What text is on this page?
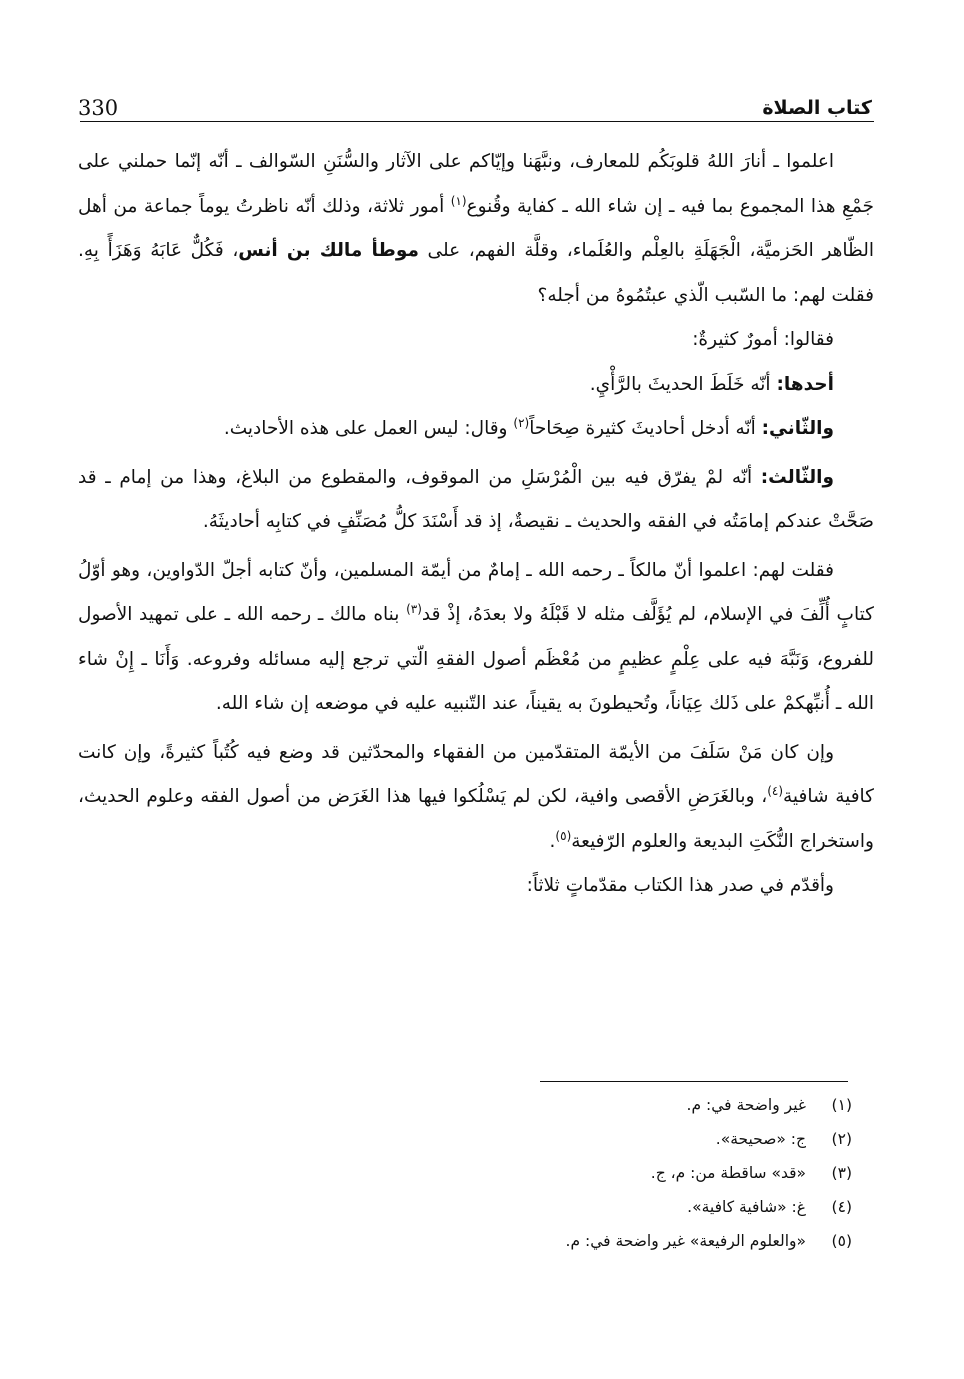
330	كتاب الصلاة

اعلموا ـ أنارَ اللهُ قلوبَكُم للمعارف، ونبَّهَنا وإيّاكم على الآثار والسُّنَنِ السّوالف ـ أنّه إنّما حملني على جَمْعِ هذا المجموع بما فيه ـ إن شاء الله ـ كفاية وقُنوع$^{(١)}$ أمور ثلاثة، وذلك أنّه ناظرتُ يوماً جماعة من أهل الظّاهر الحَزميَّة، الْجَهَلَةِ بالعِلْم والعُلَماء، وقلَّة الفهم، على موطأ مالك بن أنس، فَكُلٌّ عَابَهُ وَهَزَأً بِهِ. فقلت لهم: ما السّبب الّذي عبتُمُوهُ من أجله؟

فقالوا: أمورٌ كثيرةٌ:

أحدها: أنّه خَلَطَ الحديثَ بالرَّأْيِ.

والثّاني: أنّه أدخل أحاديثَ كثيرة صِحَاحاً$^{(٢)}$ وقال: ليس العمل على هذه الأحاديث.

والثّالث: أنّه لمْ يفرّق فيه بين الْمُرْسَلِ من الموقوف، والمقطوع من البلاغ، وهذا من إمام ـ قد صَحَّتْ عندكم إمامَتُه في الفقه والحديث ـ نقيصةٌ، إذ قد أَسْنَدَ كلُّ مُصَنِّفٍ في كتابِه أحاديثَهُ.

فقلت لهم: اعلموا أنّ مالكاً ـ رحمه الله ـ إمامٌ من أيمّة المسلمين، وأنّ كتابه أجلّ الدّواوين، وهو أوّلُ كتابٍ أُلِّفَ في الإسلام، لم يُؤَلَّف مثله لا قَبْلَهُ ولا بعدَهُ، إذْ قد$^{(٣)}$ بناه مالك ـ رحمه الله ـ على تمهيد الأصول للفروع، وَنَبَّهَ فيه على عِلْمٍ عظيمٍ من مُعْظَم أصول الفقهِ الّتي ترجع إليه مسائله وفروعه. وَأَنَا ـ إِنْ شاء الله ـ أُنبِّهكمْ على ذَلك عِيَاناً، وتُحيطونَ به يقيناً، عند التّنبيه عليه في موضعه إن شاء الله.

وإن كان مَنْ سَلَفَ من الأيمّة المتقدّمين من الفقهاء والمحدّثين قد وضع فيه كُتُباً كثيرةً، وإن كانت كافية شافية$^{(٤)}$، وبالغَرَضِ الأقصى وافية، لكن لم يَسْلُكوا فيها هذا الغَرَض من أصول الفقه وعلوم الحديث، واستخراج النُّكَتِ البديعة والعلوم الرّفيعة$^{(٥)}$.

وأقدّم في صدر هذا الكتاب مقدّماتٍ ثلاثاً:

(١)
غير واضحة في: م.
(٢)
ج: «صحيحة».
(٣)
«قد» ساقطة من: م، ج.
(٤)
غ: «شافية كافية».
(٥)
«والعلوم الرفيعة» غير واضحة في: م.
